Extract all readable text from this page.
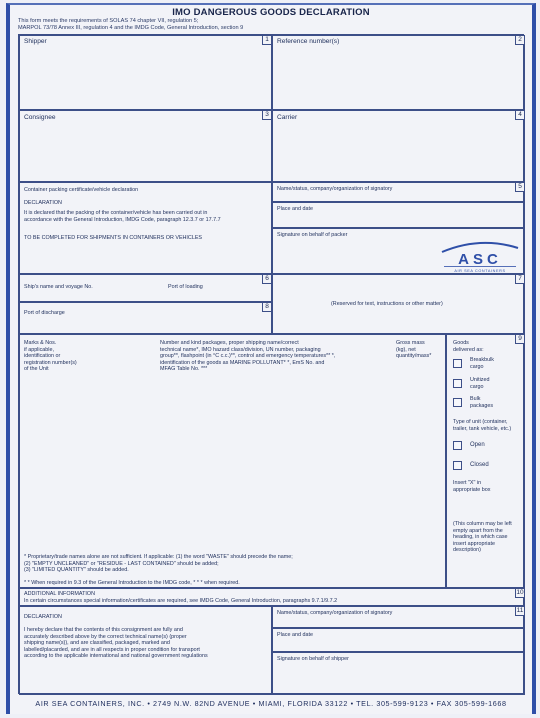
IMO DANGEROUS GOODS DECLARATION
This form meets the requirements of SOLAS 74 chapter VII, regulation 5;
MARPOL 73/78 Annex III, regulation 4 and the IMDG Code, General Introduction, section 9
Shipper	1	Reference number(s)	2
Consignee	3	Carrier	4
Container packing certificate/vehicle declaration
DECLARATION
It is declared that the packing of the container/vehicle has been carried out in
accordance with the General Introduction, IMDG Code, paragraph 12.3.7 or 17.7.7
TO BE COMPLETED FOR SHIPMENTS IN CONTAINERS OR VEHICLES
Name/status, company/organization of signatory	5
Place and date
Signature on behalf of packer
Ship's name and voyage No.	Port of loading
6
Port of discharge
8	(Reserved for text, instructions or other matter)
7
Marks & Nos.
if applicable,
identification or
registration number(s)
of the Unit
Number and kind packages, proper shipping name/correct
technical name*, IMO hazard class/division, UN number, packaging
group**, flashpoint (in °C c.c.)**, control and emergency temperatures** *,
identification of the goods as MARINE POLLUTANT* *, EmS No. and
MFAG Table No. ***
Gross mass
(kg), net
quantity/mass*
* Proprietary/trade names alone are not sufficient. If applicable: (1) the word "WASTE" should precede the name;
(2) "EMPTY UNCLEANED" or "RESIDUE - LAST CONTAINED" should be added;
(3) "LIMITED QUANTITY" should be added.
* * When required in 9.3 of the General Introduction to the IMDG code, * * * when required.
9
Goods
delivered as:
Breakbulk
cargo
Unitized
cargo
Bulk
packages
Type of unit (container,
trailer, tank vehicle, etc.)
Open
Closed
Insert "X" in
appropriate box
(This column may be left
empty apart from the
heading, in which case
insert appropriate
description)
ADDITIONAL INFORMATION
In certain circumstances special information/certificates are required, see IMDG Code, General Introduction, paragraphs 9.7.1/9.7.2
10
DECLARATION
I hereby declare that the contents of this consignment are fully and
accurately described above by the correct technical name(s) (proper
shipping name(s)), and are classified, packaged, marked and
labelled/placarded, and are in all respects in proper condition for transport
according to the applicable international and national government regulations
Name/status, company/organization of signatory	11
Place and date
Signature on behalf of shipper
ASC
AIR SEA CONTAINERS
AIR SEA CONTAINERS, INC. • 2749 N.W. 82ND AVENUE • MIAMI, FLORIDA 33122 • TEL. 305-599-9123 • FAX 305-599-1668
